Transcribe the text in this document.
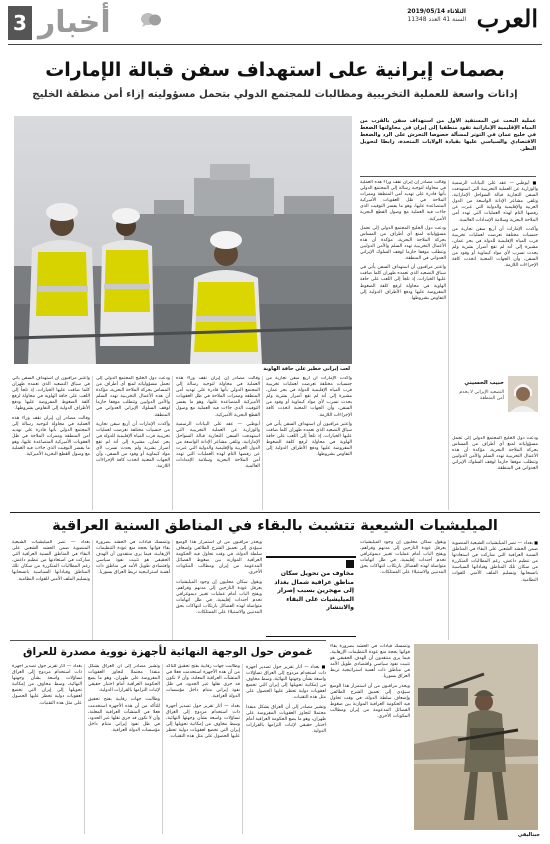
العرب
الثلاثاء 2019/05/14
السنة 41 العدد 11348
3 أخبار
بصمات إيرانية على استهداف سفن قبالة الإمارات
إدانات واسعة للعملية التخريبية ومطالبات للمجتمع الدولي بتحمل مسؤوليته إزاء أمن منطقة الخليج
لعب إيراني خطير على حافة الهاوية
عملية البحث عن المستفيد الأول من استهداف سفن بالقرب من المياه الإقليمية الإماراتية تقود منطقيا إلى إيران في محاولتها الضغط في خليج عمان في التوتر لمسألة خصوصا التحرش على الرد والضغط الاقتصادي والسياسي عليها بقيادة الولايات المتحدة، رابطا لتحويل النظر.

■ أبوظبي — عقد على البيانات الرسمية والوزارية عن العملية التخريبية التي استهدفت السفن التجارية قبالة السواحل الإماراتية، وتلقى مشاعر الإدانة الواسعة من الدول العربية والإقليمية والدولية التي عبرت عن رفضها التام لهذه العمليات التي تهدد أمن الملاحة البحرية وسلامة الإمدادات العالمية.

وأكدت الإمارات أن أربع سفن تجارية من جنسيات مختلفة تعرضت لعمليات تخريبية قرب المياه الإقليمية للدولة في بحر عمان، مشيرة إلى أنه لم تقع أضرار بشرية ولم يحدث تسرب لأي مواد كيماوية أو وقود من السفن، وأن الجهات المعنية اتخذت كافة الإجراءات اللازمة.

وقالت مصادر إن إيران تقف وراء هذه العملية في محاولة لتوجيه رسالة إلى المجتمع الدولي بأنها قادرة على تهديد أمن المنطقة وممرات الملاحة في ظل العقوبات الأميركية المتصاعدة عليها، وهو ما يفسر التوقيت الذي جاءت فيه العملية مع وصول القطع البحرية الأميركية.

ودعت دول الخليج المجتمع الدولي إلى تحمل مسؤولياته لمنع أي أطراف من المساس بحركة الملاحة البحرية، مؤكدة أن هذه الأعمال التخريبية تهدد السلم والأمن الدوليين وتتطلب موقفا حازما لوقف السلوك الإيراني العدواني في المنطقة.

واعتبر مراقبون أن استهداف السفن يأتي في سياق التصعيد الذي تعمده طهران كلما ضاقت عليها الخيارات، إذ تلجأ إلى اللعب على حافة الهاوية في محاولة لرفع كلفة الضغوط المفروضة عليها ودفع الأطراف الدولية إلى التفاوض بشروطها.

حبيب الحسيني
التصعيد الإيراني لا يخدم أمن المنطقة

ودعت دول الخليج المجتمع الدولي إلى تحمل مسؤولياته لمنع أي أطراف من المساس بحركة الملاحة البحرية، مؤكدة أن هذه الأعمال التخريبية تهدد السلم والأمن الدوليين وتتطلب موقفا حازما لوقف السلوك الإيراني العدواني في المنطقة.

وأكدت الإمارات أن أربع سفن تجارية من جنسيات مختلفة تعرضت لعمليات تخريبية قرب المياه الإقليمية للدولة في بحر عمان، مشيرة إلى أنه لم تقع أضرار بشرية ولم يحدث تسرب لأي مواد كيماوية أو وقود من السفن، وأن الجهات المعنية اتخذت كافة الإجراءات اللازمة.

واعتبر مراقبون أن استهداف السفن يأتي في سياق التصعيد الذي تعمده طهران كلما ضاقت عليها الخيارات، إذ تلجأ إلى اللعب على حافة الهاوية في محاولة لرفع كلفة الضغوط المفروضة عليها ودفع الأطراف الدولية إلى التفاوض بشروطها.

وقالت مصادر إن إيران تقف وراء هذه العملية في محاولة لتوجيه رسالة إلى المجتمع الدولي بأنها قادرة على تهديد أمن المنطقة وممرات الملاحة في ظل العقوبات الأميركية المتصاعدة عليها، وهو ما يفسر التوقيت الذي جاءت فيه العملية مع وصول القطع البحرية الأميركية.

أبوظبي — عقد على البيانات الرسمية والوزارية عن العملية التخريبية التي استهدفت السفن التجارية قبالة السواحل الإماراتية، وتلقى مشاعر الإدانة الواسعة من الدول العربية والإقليمية والدولية التي عبرت عن رفضها التام لهذه العمليات التي تهدد أمن الملاحة البحرية وسلامة الإمدادات العالمية.

ودعت دول الخليج المجتمع الدولي إلى تحمل مسؤولياته لمنع أي أطراف من المساس بحركة الملاحة البحرية، مؤكدة أن هذه الأعمال التخريبية تهدد السلم والأمن الدوليين وتتطلب موقفا حازما لوقف السلوك الإيراني العدواني في المنطقة.

وأكدت الإمارات أن أربع سفن تجارية من جنسيات مختلفة تعرضت لعمليات تخريبية قرب المياه الإقليمية للدولة في بحر عمان، مشيرة إلى أنه لم تقع أضرار بشرية ولم يحدث تسرب لأي مواد كيماوية أو وقود من السفن، وأن الجهات المعنية اتخذت كافة الإجراءات اللازمة.

واعتبر مراقبون أن استهداف السفن يأتي في سياق التصعيد الذي تعمده طهران كلما ضاقت عليها الخيارات، إذ تلجأ إلى اللعب على حافة الهاوية في محاولة لرفع كلفة الضغوط المفروضة عليها ودفع الأطراف الدولية إلى التفاوض بشروطها.

وقالت مصادر إن إيران تقف وراء هذه العملية في محاولة لتوجيه رسالة إلى المجتمع الدولي بأنها قادرة على تهديد أمن المنطقة وممرات الملاحة في ظل العقوبات الأميركية المتصاعدة عليها، وهو ما يفسر التوقيت الذي جاءت فيه العملية مع وصول القطع البحرية الأميركية.

الميليشيات الشيعية تتشبث بالبقاء في المناطق السنية العراقية

■ بغداد — تصر الميليشيات الشيعية المنضوية ضمن الحشد الشعبي على البقاء في المناطق السنية العراقية التي شاركت في استعادتها من تنظيم داعش، رغم المطالبات المتكررة من سكان تلك المناطق وقياداتها السياسية بانسحابها وتسليم الملف الأمني للقوات النظامية.

ويقول سكان محليون إن وجود الميليشيات يعرقل عودة النازحين إلى مدنهم وقراهم، ويفتح الباب أمام عمليات تغيير ديموغرافي تخدم أجندات إقليمية، في ظل اتهامات متواصلة لهذه الفصائل بارتكاب انتهاكات بحق المدنيين والاستيلاء على الممتلكات.

وتتمسك قيادات في الحشد بضرورة بقاء قواتها بحجة منع عودة التنظيمات الإرهابية، فيما يرى منتقدون أن الهدف الحقيقي هو تثبيت نفوذ سياسي واقتصادي طويل الأمد في مناطق ذات أهمية استراتيجية تربط العراق بسوريا.

ويحذر مراقبون من أن استمرار هذا الوضع سيؤدي إلى تعميق الشرخ الطائفي وإضعاف سلطة الدولة، في وقت تحاول فيه الحكومة العراقية الموازنة بين ضغوط الفصائل المدعومة من إيران ومطالب المكونات الأخرى.

مخاوف من تحويل سكان مناطق عراقية شمال بغداد إلى مهجرين بسبب إصرار الميليشيات على البقاء والانتشار

ويحذر مراقبون من أن استمرار هذا الوضع سيؤدي إلى تعميق الشرخ الطائفي وإضعاف سلطة الدولة، في وقت تحاول فيه الحكومة العراقية الموازنة بين ضغوط الفصائل المدعومة من إيران ومطالب المكونات الأخرى.

ويقول سكان محليون إن وجود الميليشيات يعرقل عودة النازحين إلى مدنهم وقراهم، ويفتح الباب أمام عمليات تغيير ديموغرافي تخدم أجندات إقليمية، في ظل اتهامات متواصلة لهذه الفصائل بارتكاب انتهاكات بحق المدنيين والاستيلاء على الممتلكات.

وتتمسك قيادات في الحشد بضرورة بقاء قواتها بحجة منع عودة التنظيمات الإرهابية، فيما يرى منتقدون أن الهدف الحقيقي هو تثبيت نفوذ سياسي واقتصادي طويل الأمد في مناطق ذات أهمية استراتيجية تربط العراق بسوريا.

بغداد — تصر الميليشيات الشيعية المنضوية ضمن الحشد الشعبي على البقاء في المناطق السنية العراقية التي شاركت في استعادتها من تنظيم داعش، رغم المطالبات المتكررة من سكان تلك المناطق وقياداتها السياسية بانسحابها وتسليم الملف الأمني للقوات النظامية.

غموض حول الوجهة النهائية لأجهزة نووية مصدرة للعراق

■ بغداد — أثار تقرير حول تصدير أجهزة ذات استخدام مزدوج إلى العراق تساؤلات واسعة بشأن وجهتها النهائية، وسط مخاوف من إمكانية تحويلها إلى إيران التي تخضع لعقوبات دولية تحظر عليها الحصول على مثل هذه التقنيات.

وتشير مصادر إلى أن العراق يشكل منفذا محتملا لتجاوز العقوبات المفروضة على طهران، وهو ما يضع الحكومة العراقية أمام اختبار حقيقي لإثبات التزامها بالقرارات الدولية.

وطالبت جهات رقابية بفتح تحقيق للتأكد من أن هذه الأجهزة استخدمت فعلا في المنشآت العراقية المعلنة، وأن لا تكون قد جرى نقلها عبر الحدود، في ظل نفوذ إيراني متنام داخل مؤسسات الدولة العراقية.

بغداد — أثار تقرير حول تصدير أجهزة ذات استخدام مزدوج إلى العراق تساؤلات واسعة بشأن وجهتها النهائية، وسط مخاوف من إمكانية تحويلها إلى إيران التي تخضع لعقوبات دولية تحظر عليها الحصول على مثل هذه التقنيات.

وتشير مصادر إلى أن العراق يشكل منفذا محتملا لتجاوز العقوبات المفروضة على طهران، وهو ما يضع الحكومة العراقية أمام اختبار حقيقي لإثبات التزامها بالقرارات الدولية.

وطالبت جهات رقابية بفتح تحقيق للتأكد من أن هذه الأجهزة استخدمت فعلا في المنشآت العراقية المعلنة، وأن لا تكون قد جرى نقلها عبر الحدود، في ظل نفوذ إيراني متنام داخل مؤسسات الدولة العراقية.

بغداد — أثار تقرير حول تصدير أجهزة ذات استخدام مزدوج إلى العراق تساؤلات واسعة بشأن وجهتها النهائية، وسط مخاوف من إمكانية تحويلها إلى إيران التي تخضع لعقوبات دولية تحظر عليها الحصول على مثل هذه التقنيات.

جيتاليقي
